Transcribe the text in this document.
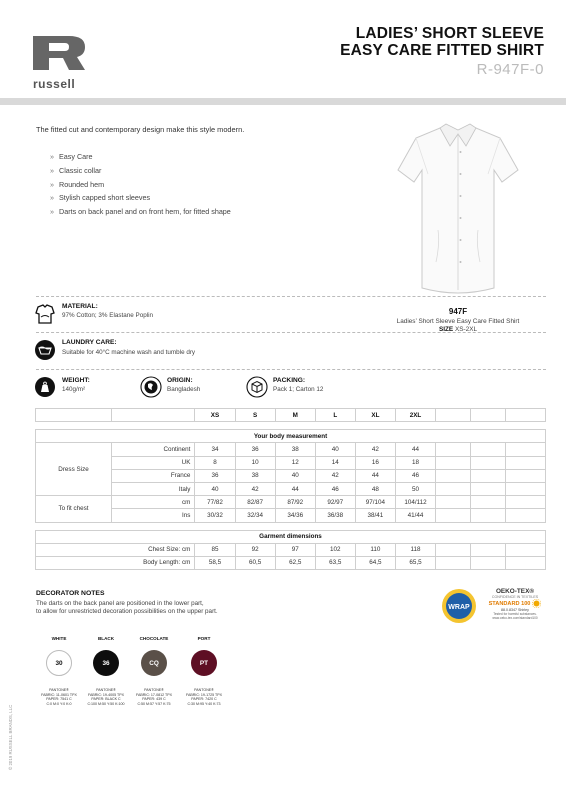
russell
LADIES’ SHORT SLEEVE
EASY CARE FITTED SHIRT
R-947F-0
The fitted cut and contemporary design make this style modern.
» Easy Care
» Classic collar
» Rounded hem
» Stylish capped short sleeves
» Darts on back panel and on front hem, for fitted shape
947F
Ladies’ Short Sleeve Easy Care Fitted Shirt
SIZE XS-2XL
MATERIAL:
97% Cotton; 3% Elastane Poplin
LAUNDRY CARE:
Suitable for 40°C machine wash and tumble dry
WEIGHT:
140g/m²
ORIGIN:
Bangladesh
PACKING:
Pack 1; Carton 12
		XS	S	M	L	XL	2XL			

Your body measurement										
Dress Size	Continent	34	36	38	40	42	44			
	UK	8	10	12	14	16	18			
	France	36	38	40	42	44	46			
	Italy	40	42	44	46	48	50			
To fit chest	cm	77/82	82/87	87/92	92/97	97/104	104/112			
	Ins	30/32	32/34	34/36	36/38	38/41	41/44			

Garment dimensions										
Chest Size: cm		85	92	97	102	110	118			
Body Length: cm		58,5	60,5	62,5	63,5	64,5	65,5			
DECORATOR NOTES
The darts on the back panel are positioned in the lower part,
to allow for unrestricted decoration possibilities on the upper part.
WRAP
OEKO-TEX®
CONFIDENCE IN TEXTILES
STANDARD 100
88.0.8347 Shirley
Tested for harmful substances.
www.oeko-tex.com/standard100
WHITE
30
PANTONE®
FABRIC: 11-0601 TPX
PAPER: 7541 C
C:0 M:0 Y:0 K:0
BLACK
36
PANTONE®
FABRIC: 19-4005 TPX
PAPER: BLACK C
C:100 M:50 Y:50 K:100
CHOCOLATE
CQ
PANTONE®
FABRIC: 17-0812 TPX
PAPER: 439 C
C:50 M:57 Y:57 K:75
PORT
PT
PANTONE®
FABRIC: 19-1725 TPX
PAPER: 7420 C
C:30 M:95 Y:40 K:73
© 2019 RUSSELL BRANDS, LLC
